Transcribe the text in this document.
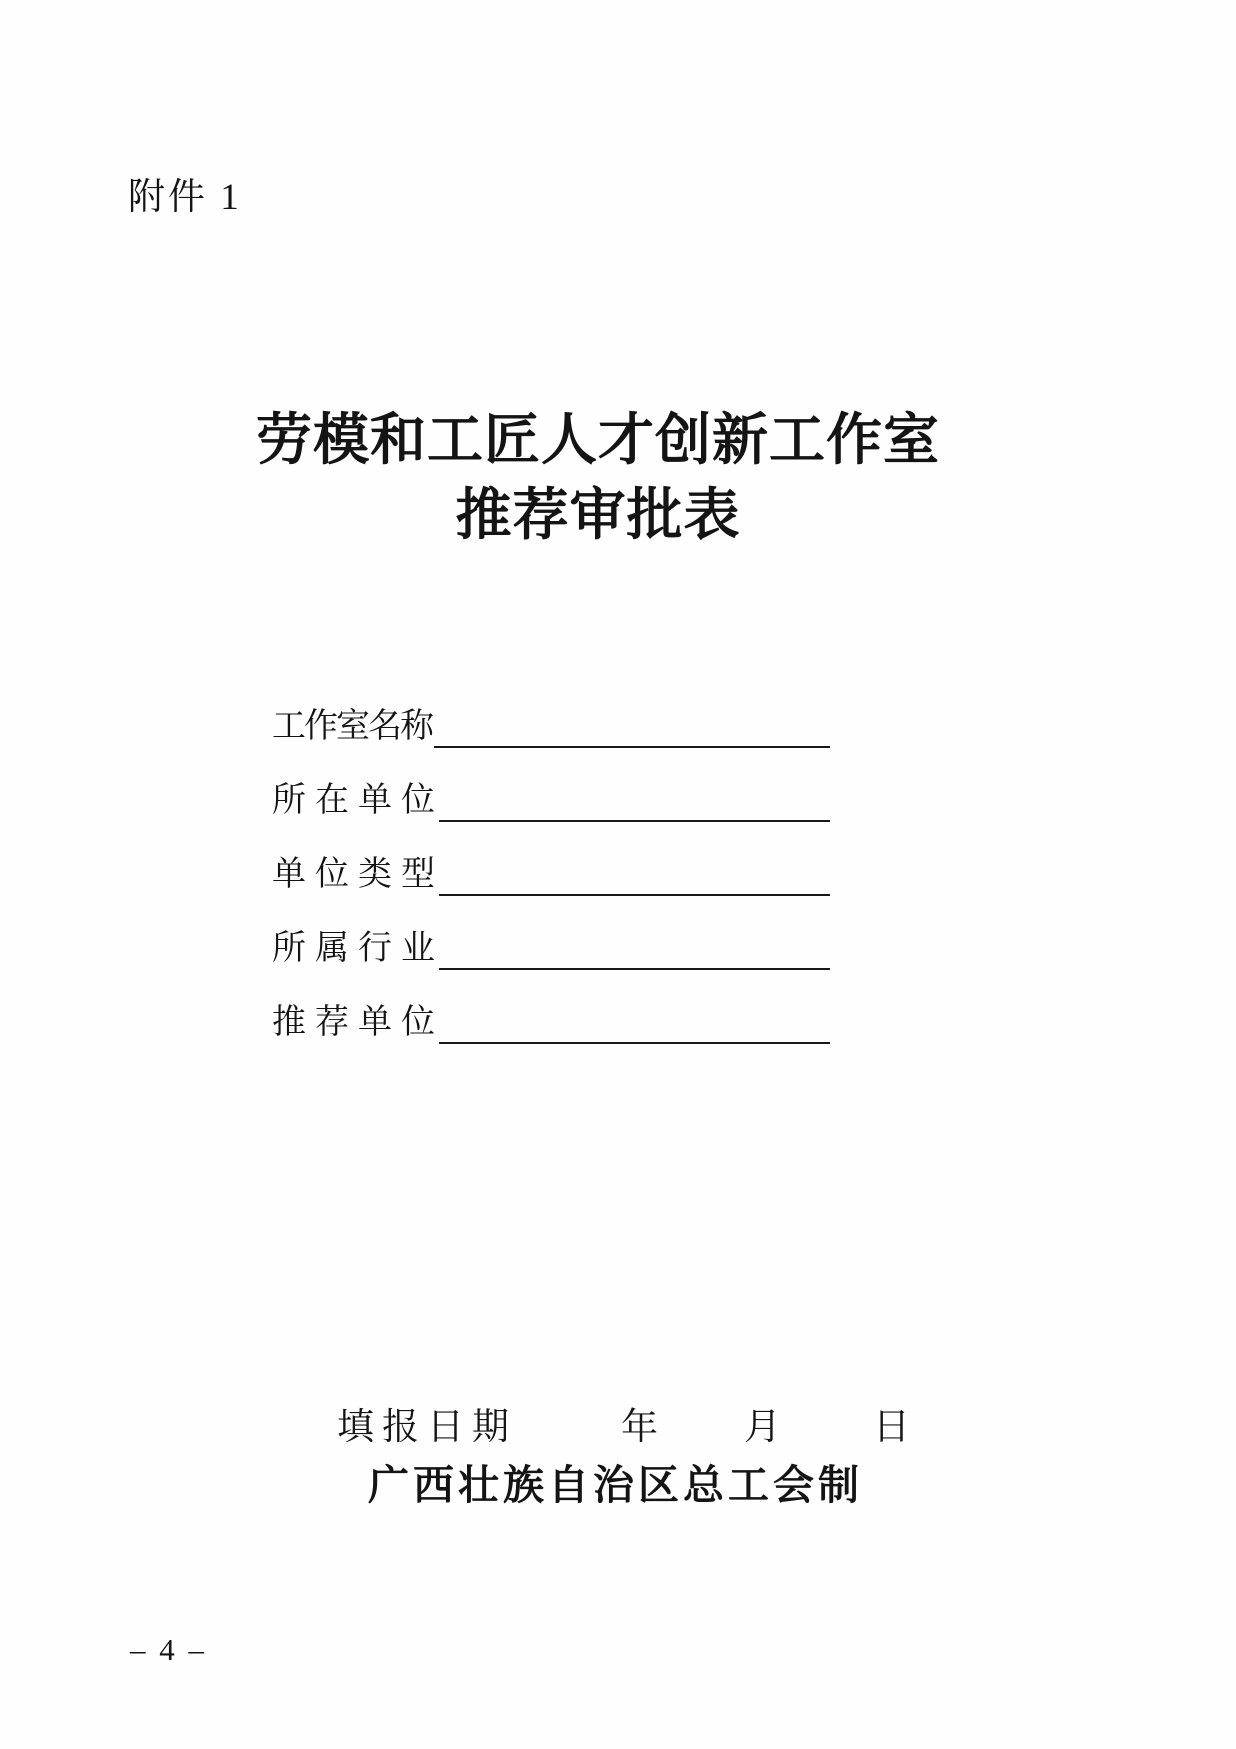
附件 1
劳模和工匠人才创新工作室
推荐审批表
工作室名称
所在单位
单位类型
所属行业
推荐单位
填报日期	年 月 日
广西壮族自治区总工会制
– 4 –
